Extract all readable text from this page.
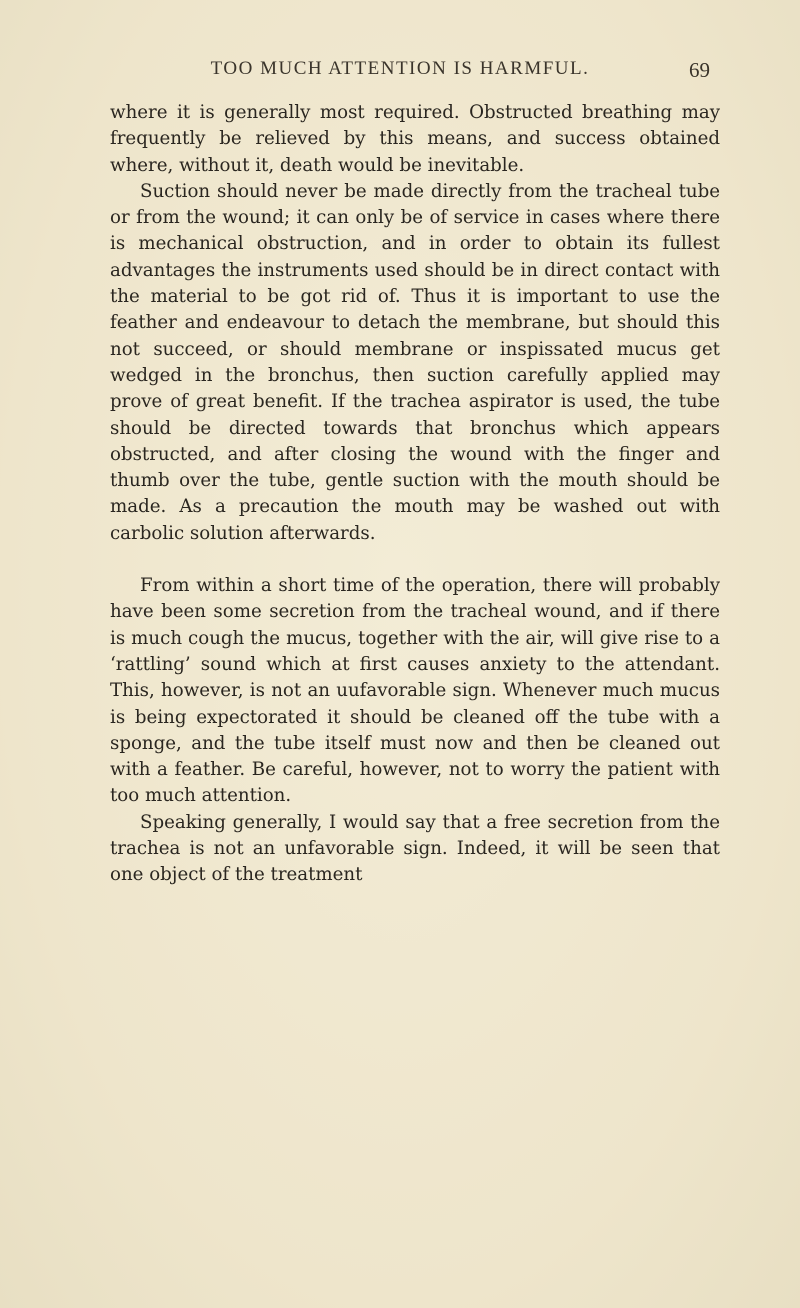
TOO MUCH ATTENTION IS HARMFUL.	69

where it is generally most required. Obstructed breathing may frequently be relieved by this means, and success obtained where, without it, death would be inevitable.

Suction should never be made directly from the tracheal tube or from the wound; it can only be of service in cases where there is mechanical obstruction, and in order to obtain its fullest advantages the instruments used should be in direct contact with the material to be got rid of. Thus it is important to use the feather and endeavour to detach the membrane, but should this not succeed, or should membrane or inspissated mucus get wedged in the bronchus, then suction carefully applied may prove of great benefit. If the trachea aspirator is used, the tube should be directed towards that bronchus which appears obstructed, and after closing the wound with the finger and thumb over the tube, gentle suction with the mouth should be made. As a precaution the mouth may be washed out with carbolic solution afterwards.

From within a short time of the operation, there will probably have been some secretion from the tracheal wound, and if there is much cough the mucus, together with the air, will give rise to a ‘rattling’ sound which at first causes anxiety to the attendant. This, however, is not an uufavorable sign. Whenever much mucus is being expectorated it should be cleaned off the tube with a sponge, and the tube itself must now and then be cleaned out with a feather. Be careful, however, not to worry the patient with too much attention.

Speaking generally, I would say that a free secretion from the trachea is not an unfavorable sign. Indeed, it will be seen that one object of the treatment
